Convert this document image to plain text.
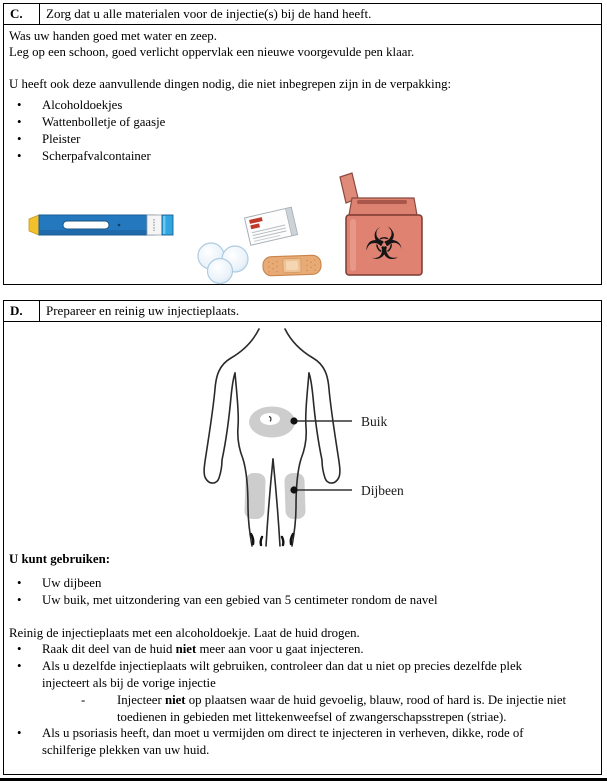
C.	Zorg dat u alle materialen voor de injectie(s) bij de hand heeft.
Was uw handen goed met water en zeep.
Leg op een schoon, goed verlicht oppervlak een nieuwe voorgevulde pen klaar.
U heeft ook deze aanvullende dingen nodig, die niet inbegrepen zijn in de verpakking:
•	Alcoholdoekjes
•	Wattenbolletje of gaasje
•	Pleister
•	Scherpafvalcontainer
☣
D.	Prepareer en reinig uw injectieplaats.
Buik
Dijbeen
U kunt gebruiken:
•	Uw dijbeen
•	Uw buik, met uitzondering van een gebied van 5 centimeter rondom de navel
Reinig de injectieplaats met een alcoholdoekje. Laat de huid drogen.
•	Raak dit deel van de huid niet meer aan voor u gaat injecteren.
•	Als u dezelfde injectieplaats wilt gebruiken, controleer dan dat u niet op precies dezelfde plek
injecteert als bij de vorige injectie
-	Injecteer niet op plaatsen waar de huid gevoelig, blauw, rood of hard is. De injectie niet
toedienen in gebieden met littekenweefsel of zwangerschapsstrepen (striae).
•	Als u psoriasis heeft, dan moet u vermijden om direct te injecteren in verheven, dikke, rode of
schilferige plekken van uw huid.
